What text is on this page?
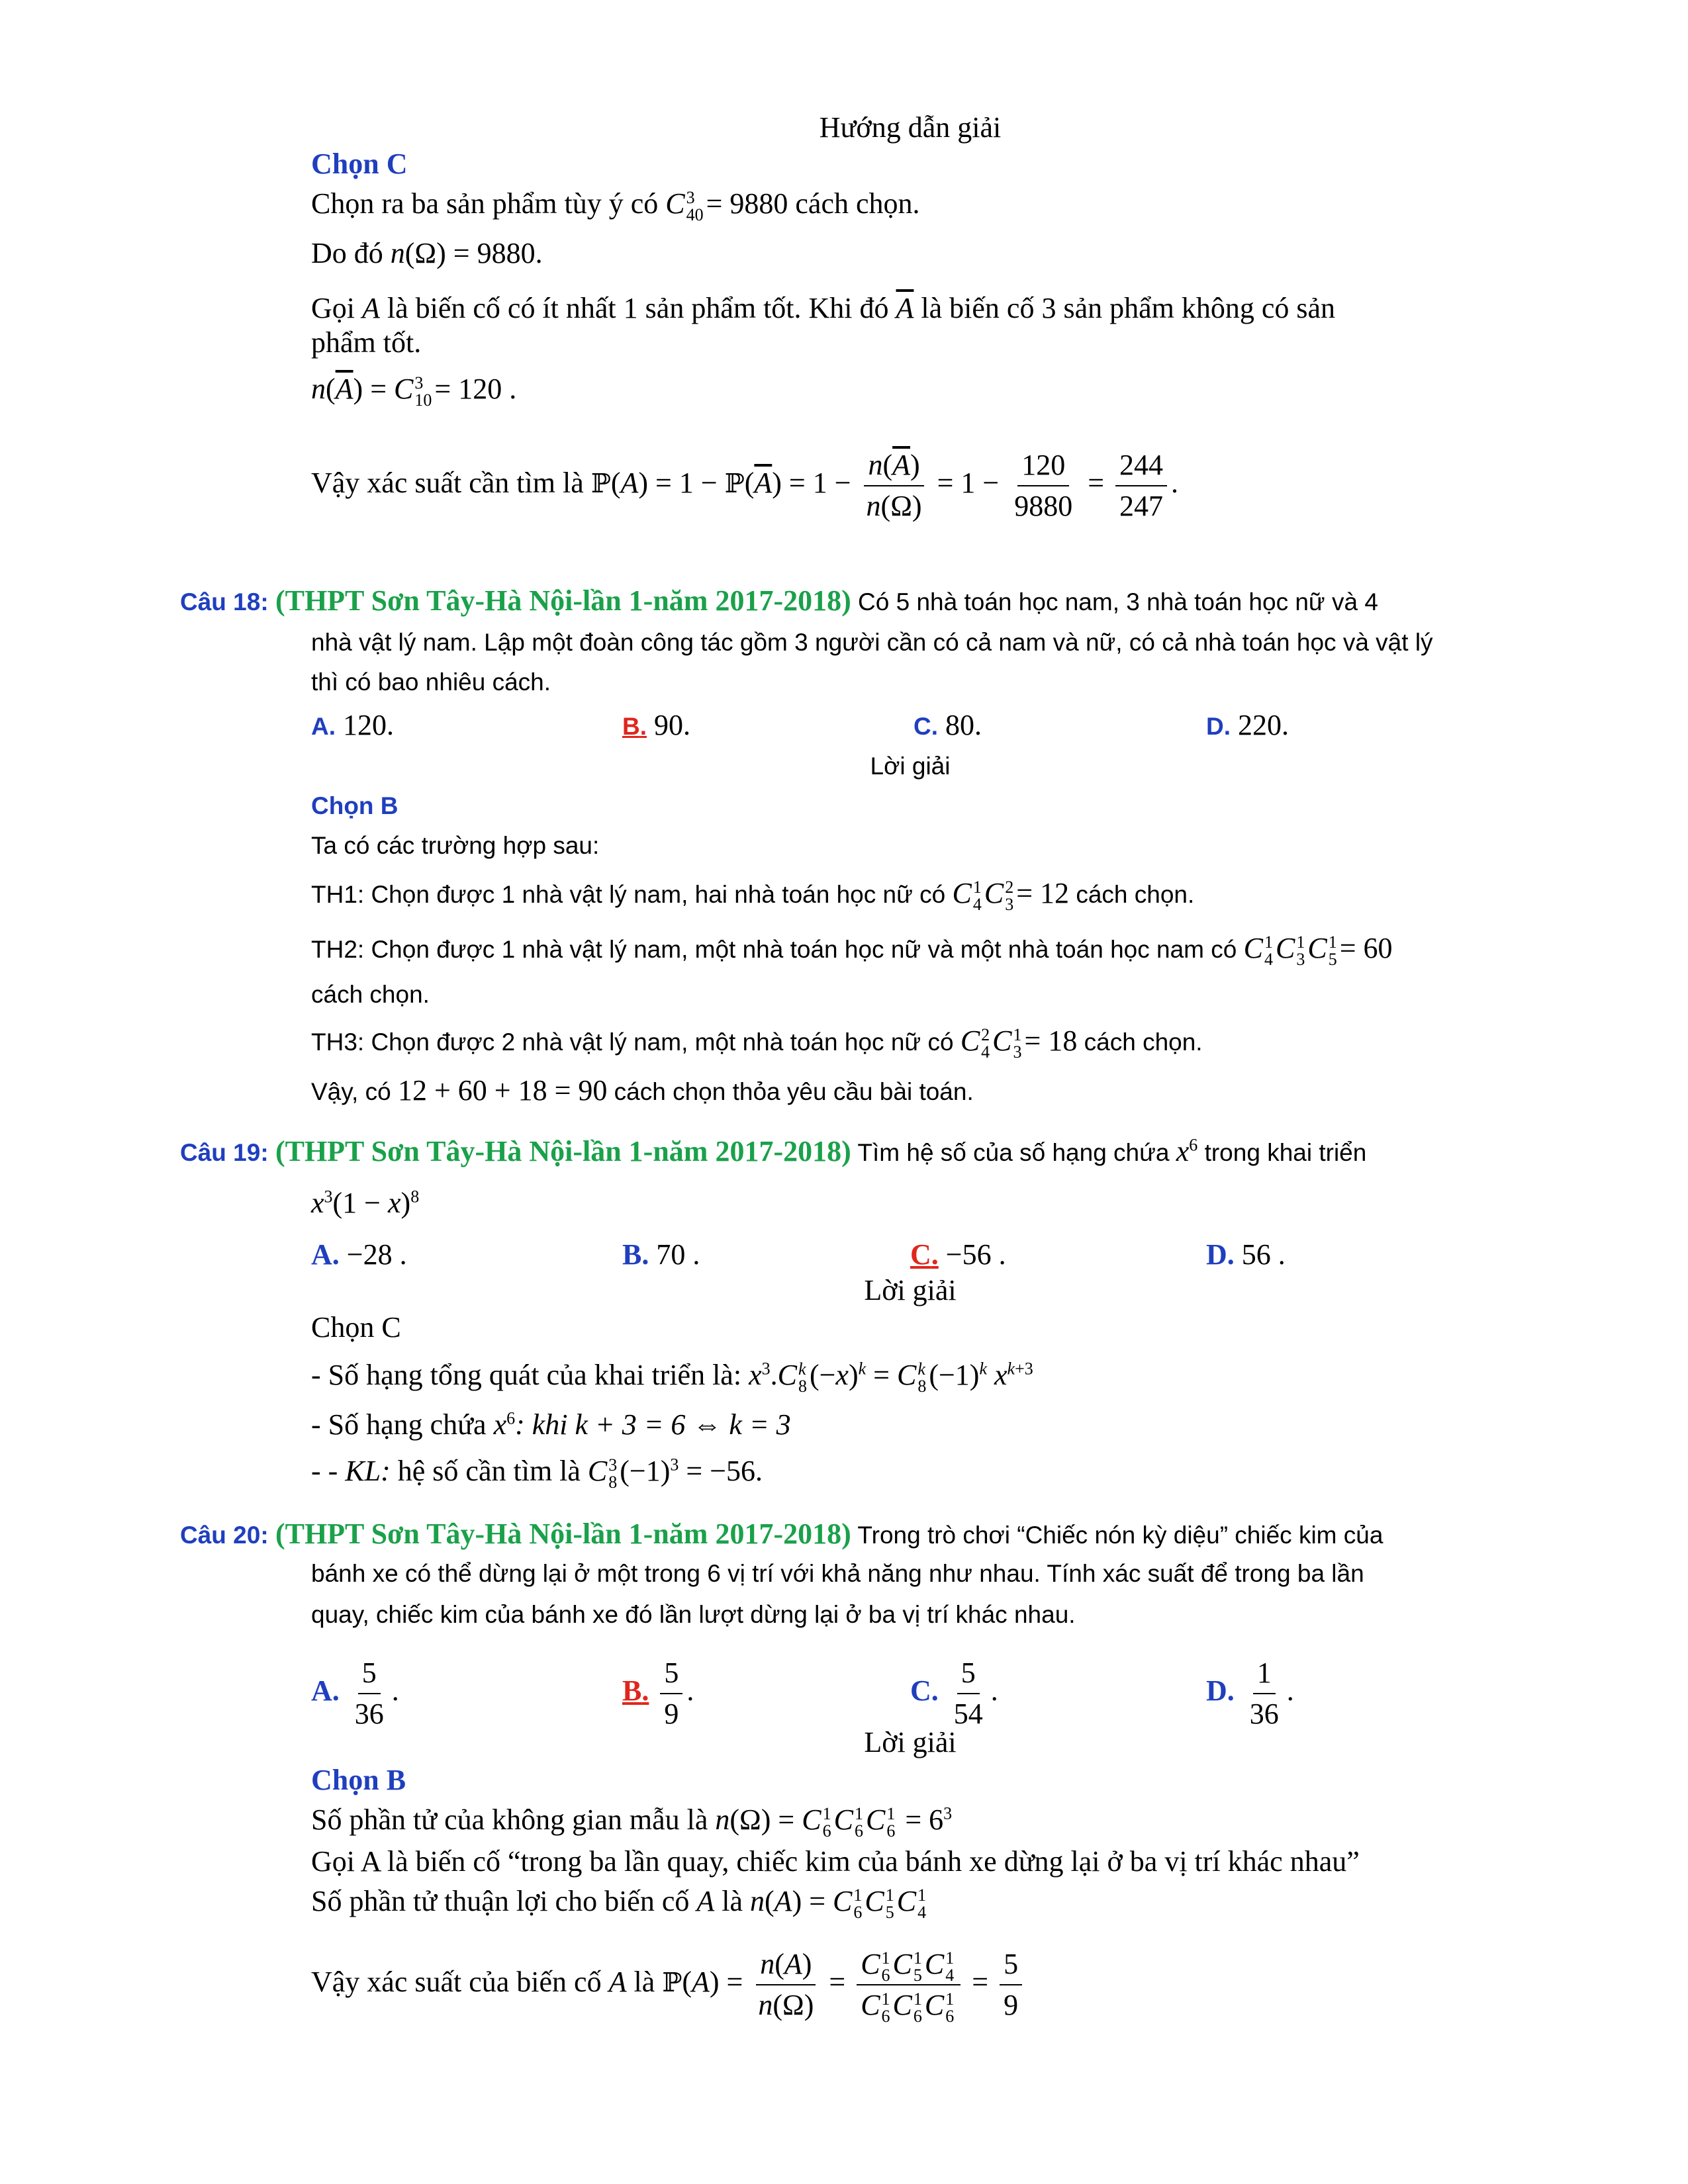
Hướng dẫn giải
Chọn C
Chọn ra ba sản phẩm tùy ý có C 3
40 = 9880 cách chọn.
Do đó n(Ω) = 9880.
Gọi A là biến cố có ít nhất 1 sản phẩm tốt. Khi đó $\overline{A}$ là biến cố 3 sản phẩm không có sản
phẩm tốt.
$n(\overline{A}) = C$ 3
10 = 120 .
Vậy xác suất cần tìm là ℙ(A) = $1 - ℙ(\overline{A}) = 1 - \frac{n(\overline{A})}{n(\Omega)} = 1 - \frac{120}{9880} = \frac{244}{247}$ .
Câu 18: (THPT Sơn Tây-Hà Nội-lần 1-năm 2017-2018) Có 5 nhà toán học nam, 3 nhà toán học nữ và 4
nhà vật lý nam. Lập một đoàn công tác gồm 3 người cần có cả nam và nữ, có cả nhà toán học và vật lý
thì có bao nhiêu cách.
A. 120.	B. 90.	C. 80.	D. 220.
Lời giải
Chọn B
Ta có các trường hợp sau:
TH1: Chọn được 1 nhà vật lý nam, hai nhà toán học nữ có C 1
4 C 2
3 = 12 cách chọn.
TH2: Chọn được 1 nhà vật lý nam, một nhà toán học nữ và một nhà toán học nam có C 1
4 C 1
3 C 1
5 = 60
cách chọn.
TH3: Chọn được 2 nhà vật lý nam, một nhà toán học nữ có C 2
4 C 1
3 = 18 cách chọn.
Vậy, có 12 + 60 + 18 = 90 cách chọn thỏa yêu cầu bài toán.
Câu 19: (THPT Sơn Tây-Hà Nội-lần 1-năm 2017-2018) Tìm hệ số của số hạng chứa $x^6$ trong khai triển
$x^3(1 - x)^8$
A. −28 .	B. 70 .	C. −56 .	D. 56 .
Lời giải
Chọn C
- Số hạng tổng quát của khai triển là: $x^3.C$ k
8 $(-x)^k = C$ k
8 $(-1)^k$ $x^{k+3}$
- Số hạng chứa $x^6$: khi k + 3 = 6 ⇔ k = 3
- - KL: hệ số cần tìm là C 3
8 $(-1)^3 = -56$.
Câu 20: (THPT Sơn Tây-Hà Nội-lần 1-năm 2017-2018) Trong trò chơi “Chiếc nón kỳ diệu” chiếc kim của
bánh xe có thể dừng lại ở một trong 6 vị trí với khả năng như nhau. Tính xác suất để trong ba lần
quay, chiếc kim của bánh xe đó lần lượt dừng lại ở ba vị trí khác nhau.
A. $\frac{5}{36}$ .	B. $\frac{5}{9}$ .	C. $\frac{5}{54}$ .	D. $\frac{1}{36}$ .
Lời giải
Chọn B
Số phần tử của không gian mẫu là n(Ω) = C 1
6 C 1
6 C 1
$6 = 6^3$
Gọi A là biến cố “trong ba lần quay, chiếc kim của bánh xe dừng lại ở ba vị trí khác nhau”
Số phần tử thuận lợi cho biến cố A là n(A) = C 1
6 C 1
5 C 1
4
Vậy xác suất của biến cố A là ℙ(A) = $\frac{n(A)}{n(\Omega)} = C$ 1
6 C 1
5 C 1
4
C 1
6 C 1
6 C 1
$6 = \frac{5}{9}$
